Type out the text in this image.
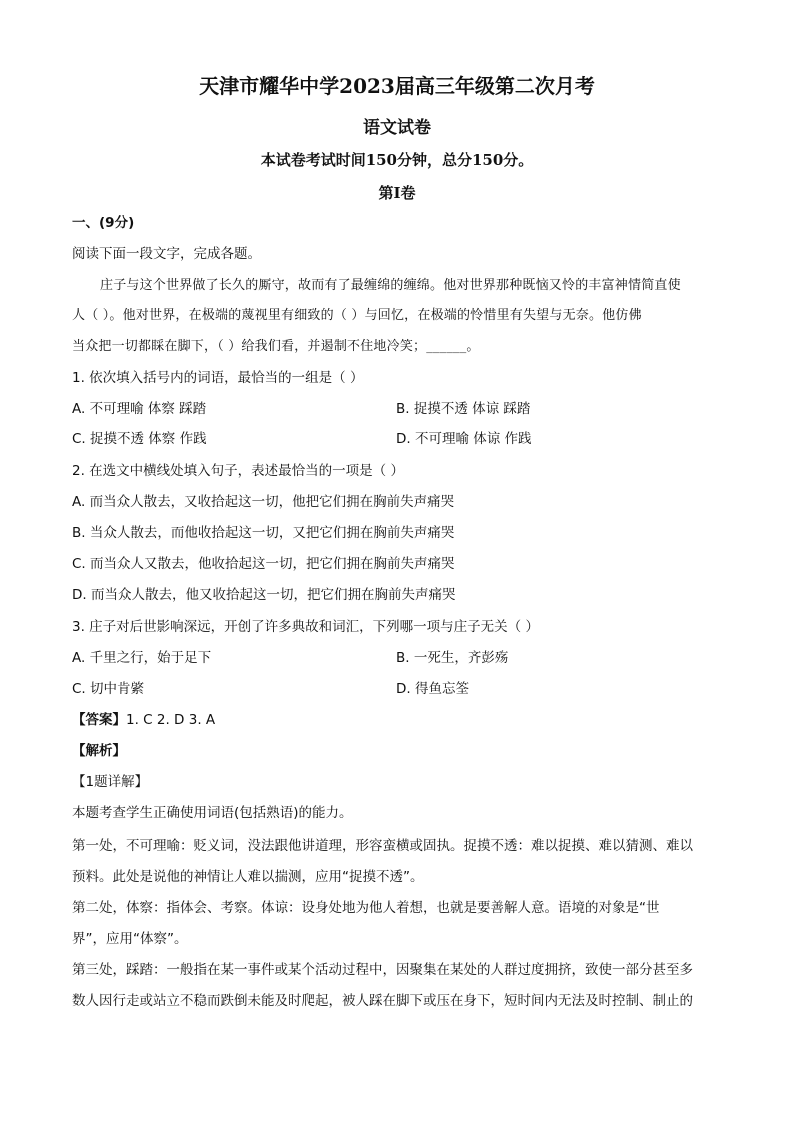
天津市耀华中学2023届高三年级第二次月考
语文试卷
本试卷考试时间150分钟，总分150分。
第Ⅰ卷
一、(9分)
阅读下面一段文字，完成各题。
庄子与这个世界做了长久的厮守，故而有了最缠绵的缠绵。他对世界那种既恼又怜的丰富神情简直使
人（ ）。他对世界，在极端的蔑视里有细致的（ ）与回忆，在极端的怜惜里有失望与无奈。他仿佛
当众把一切都睬在脚下，（ ）给我们看，并遏制不住地冷笑；______。
1. 依次填入括号内的词语，最恰当的一组是（ ）
A. 不可理喻 体察 踩踏	B. 捉摸不透 体谅 踩踏
C. 捉摸不透 体察 作践	D. 不可理喻 体谅 作践
2. 在选文中横线处填入句子，表述最恰当的一项是（ ）
A. 而当众人散去，又收拾起这一切，他把它们拥在胸前失声痛哭
B. 当众人散去，而他收拾起这一切，又把它们拥在胸前失声痛哭
C. 而当众人又散去，他收拾起这一切，把它们拥在胸前失声痛哭
D. 而当众人散去，他又收拾起这一切，把它们拥在胸前失声痛哭
3. 庄子对后世影响深远，开创了许多典故和词汇，下列哪一项与庄子无关（ ）
A. 千里之行，始于足下	B. 一死生，齐彭殇
C. 切中肯綮	D. 得鱼忘筌
【答案】1. C 2. D 3. A
【解析】
【1题详解】
本题考查学生正确使用词语(包括熟语)的能力。
第一处，不可理喻：贬义词，没法跟他讲道理，形容蛮横或固执。捉摸不透：难以捉摸、难以猜测、难以
预料。此处是说他的神情让人难以揣测，应用“捉摸不透”。
第二处，体察：指体会、考察。体谅：设身处地为他人着想，也就是要善解人意。语境的对象是“世
界”，应用“体察”。
第三处，踩踏：一般指在某一事件或某个活动过程中，因聚集在某处的人群过度拥挤，致使一部分甚至多
数人因行走或站立不稳而跌倒未能及时爬起，被人踩在脚下或压在身下，短时间内无法及时控制、制止的
